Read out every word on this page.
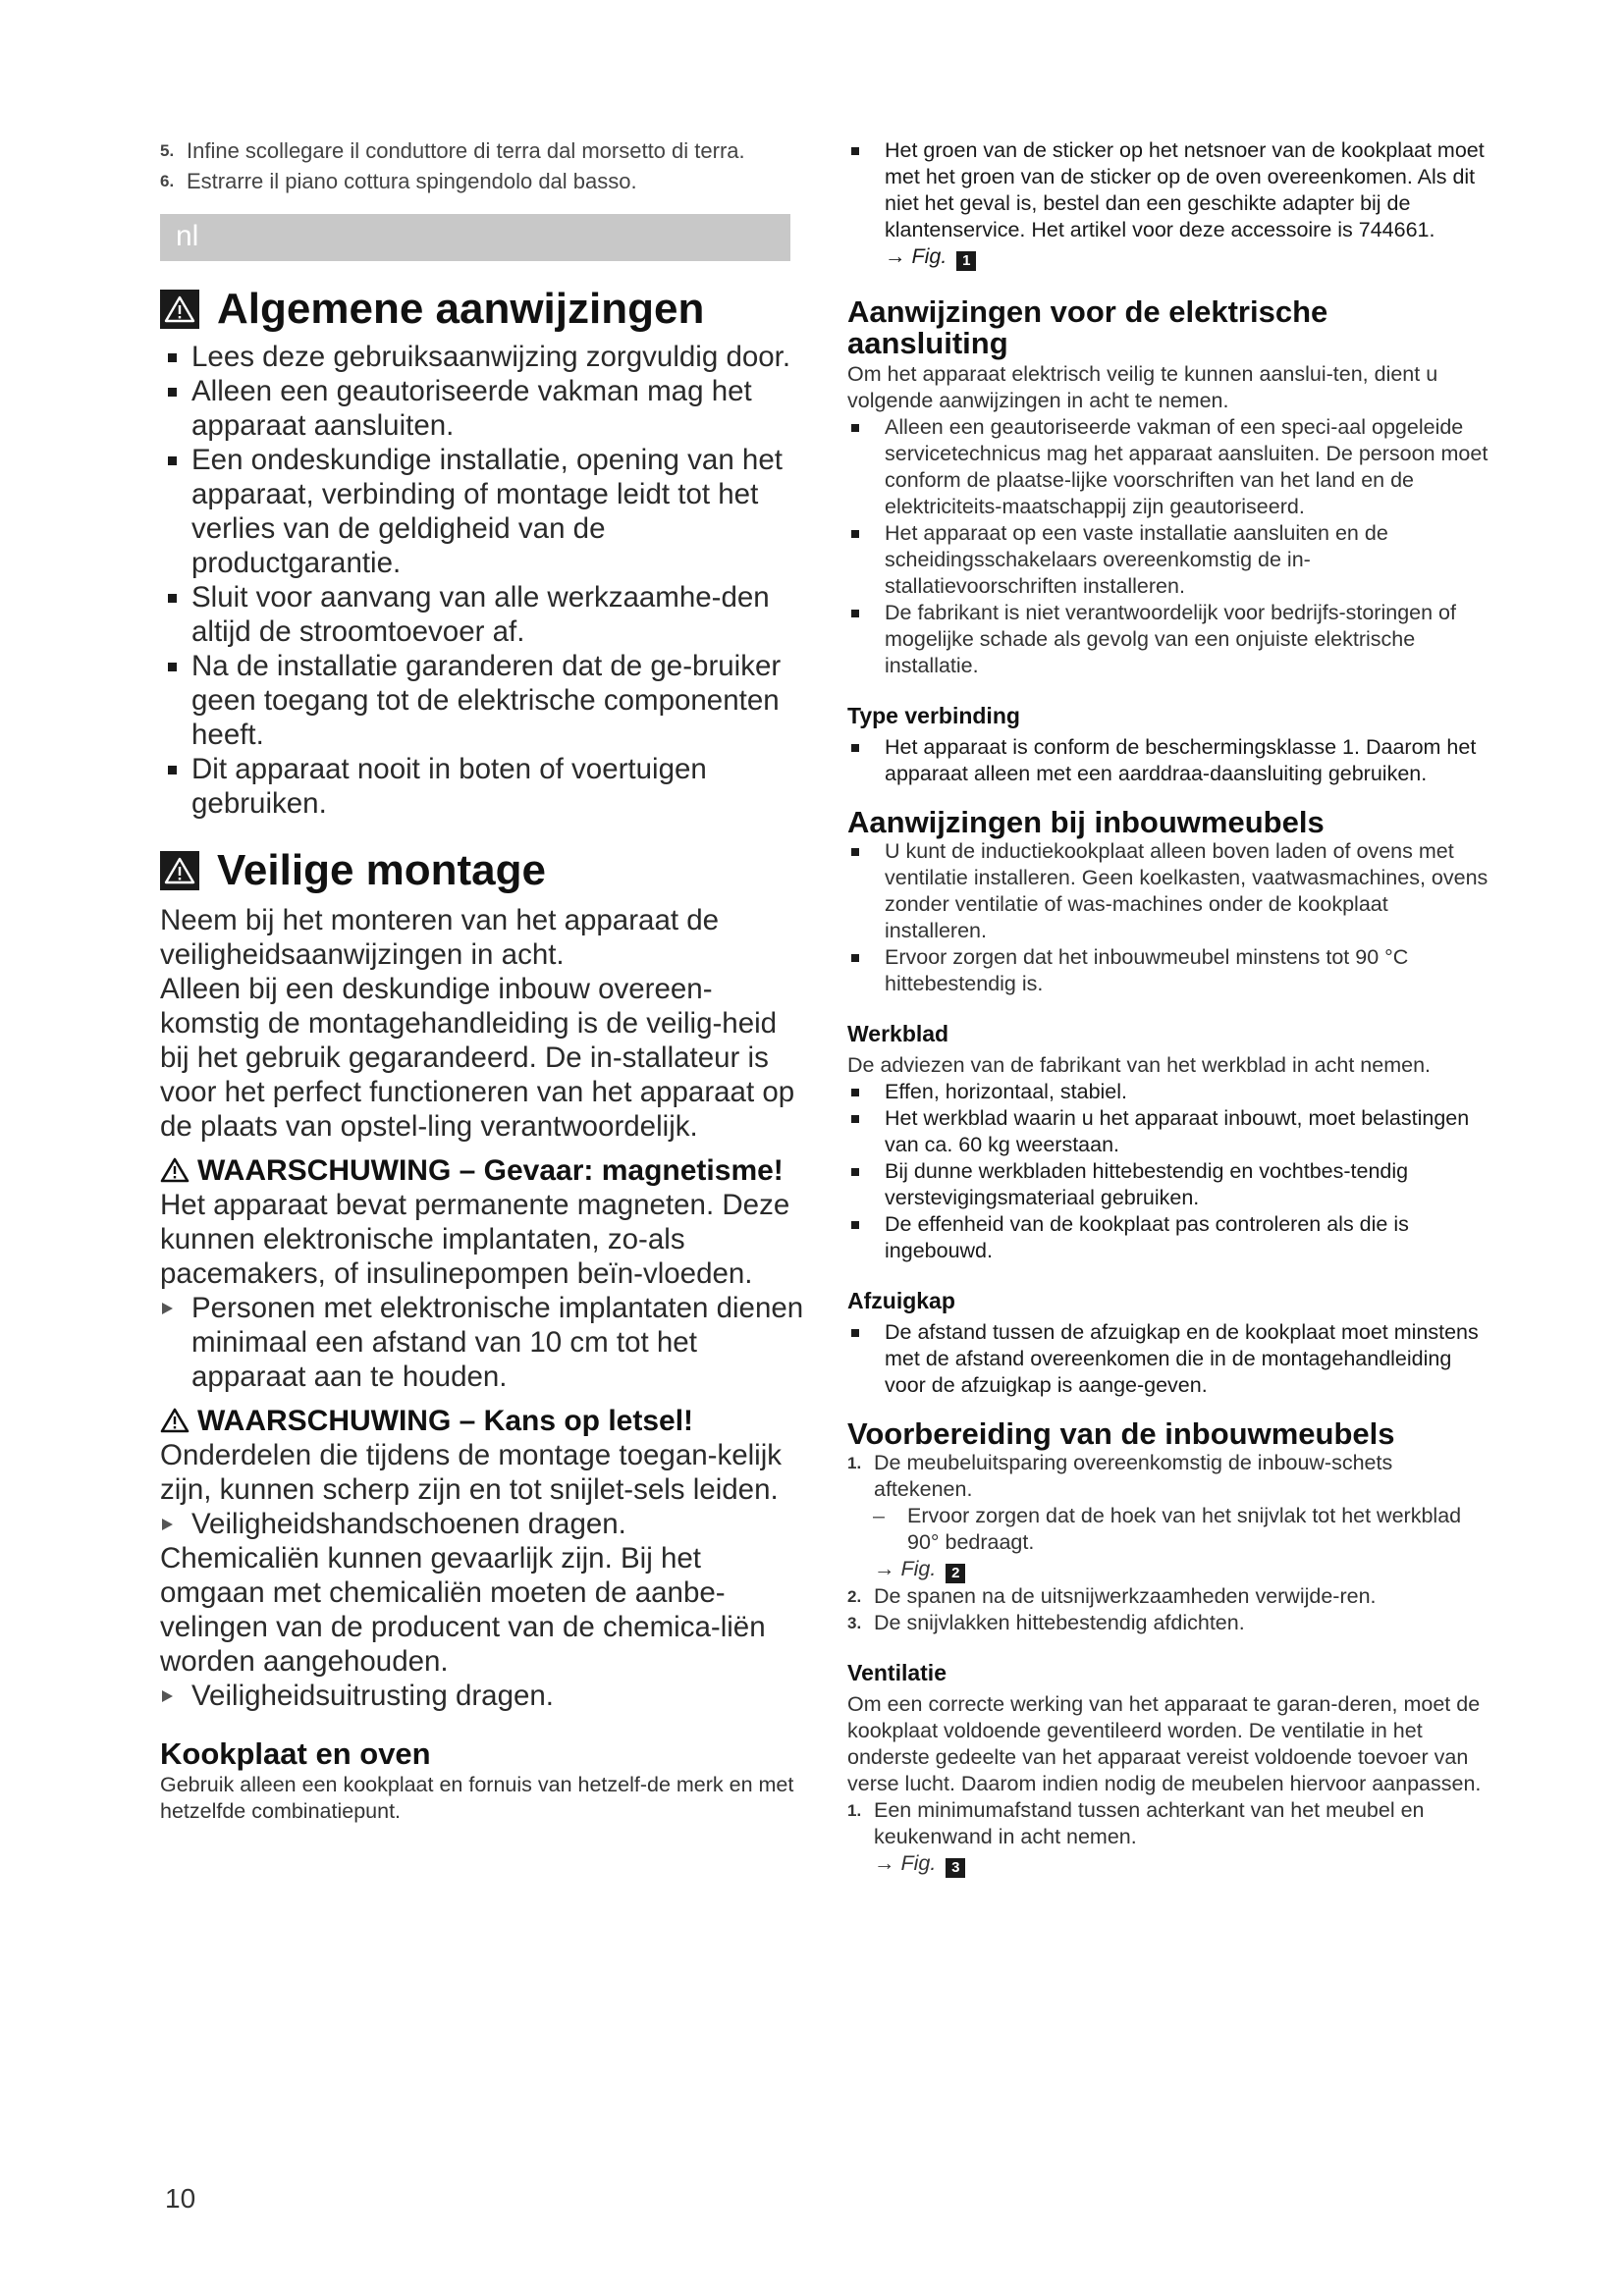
5. Infine scollegare il conduttore di terra dal morsetto di terra.

6. Estrarre il piano cottura spingendolo dal basso.

nl
Algemene aanwijzingen

Lees deze gebruiksaanwijzing zorgvuldig door.

Alleen een geautoriseerde vakman mag het apparaat aansluiten.

Een ondeskundige installatie, opening van het apparaat, verbinding of montage leidt tot het verlies van de geldigheid van de productgarantie.

Sluit voor aanvang van alle werkzaamhe-den altijd de stroomtoevoer af.

Na de installatie garanderen dat de ge-bruiker geen toegang tot de elektrische componenten heeft.

Dit apparaat nooit in boten of voertuigen gebruiken.

Veilige montage

Neem bij het monteren van het apparaat de veiligheidsaanwijzingen in acht.

Alleen bij een deskundige inbouw overeen-komstig de montagehandleiding is de veilig-heid bij het gebruik gegarandeerd. De in-stallateur is voor het perfect functioneren van het apparaat op de plaats van opstel-ling verantwoordelijk.

WAARSCHUWING – Gevaar: magnetisme!

Het apparaat bevat permanente magneten. Deze kunnen elektronische implantaten, zo-als pacemakers, of insulinepompen beïn-vloeden.

Personen met elektronische implantaten dienen minimaal een afstand van 10 cm tot het apparaat aan te houden.

WAARSCHUWING – Kans op letsel!

Onderdelen die tijdens de montage toegan-kelijk zijn, kunnen scherp zijn en tot snijlet-sels leiden.

Veiligheidshandschoenen dragen.

Chemicaliën kunnen gevaarlijk zijn. Bij het omgaan met chemicaliën moeten de aanbe-velingen van de producent van de chemica-liën worden aangehouden.

Veiligheidsuitrusting dragen.

Kookplaat en oven

Gebruik alleen een kookplaat en fornuis van hetzelf-de merk en met hetzelfde combinatiepunt.

Het groen van de sticker op het netsnoer van de kookplaat moet met het groen van de sticker op de oven overeenkomen. Als dit niet het geval is, bestel dan een geschikte adapter bij de klantenservice. Het artikel voor deze accessoire is 744661.

→ Fig. 1

Aanwijzingen voor de elektrische aansluiting

Om het apparaat elektrisch veilig te kunnen aanslui-ten, dient u volgende aanwijzingen in acht te nemen.

Alleen een geautoriseerde vakman of een speci-aal opgeleide servicetechnicus mag het apparaat aansluiten. De persoon moet conform de plaatse-lijke voorschriften van het land en de elektriciteits-maatschappij zijn geautoriseerd.

Het apparaat op een vaste installatie aansluiten en de scheidingsschakelaars overeenkomstig de in-stallatievoorschriften installeren.

De fabrikant is niet verantwoordelijk voor bedrijfs-storingen of mogelijke schade als gevolg van een onjuiste elektrische installatie.

Type verbinding

Het apparaat is conform de beschermingsklasse 1. Daarom het apparaat alleen met een aarddraa-daansluiting gebruiken.

Aanwijzingen bij inbouwmeubels

U kunt de inductiekookplaat alleen boven laden of ovens met ventilatie installeren. Geen koelkasten, vaatwasmachines, ovens zonder ventilatie of was-machines onder de kookplaat installeren.

Ervoor zorgen dat het inbouwmeubel minstens tot 90 °C hittebestendig is.

Werkblad

De adviezen van de fabrikant van het werkblad in acht nemen.

Effen, horizontaal, stabiel.

Het werkblad waarin u het apparaat inbouwt, moet belastingen van ca. 60 kg weerstaan.

Bij dunne werkbladen hittebestendig en vochtbes-tendig verstevigingsmateriaal gebruiken.

De effenheid van de kookplaat pas controleren als die is ingebouwd.

Afzuigkap

De afstand tussen de afzuigkap en de kookplaat moet minstens met de afstand overeenkomen die in de montagehandleiding voor de afzuigkap is aange-geven.

Voorbereiding van de inbouwmeubels

1. De meubeluitsparing overeenkomstig de inbouw-schets aftekenen.

– Ervoor zorgen dat de hoek van het snijvlak tot het werkblad 90° bedraagt.

→ Fig. 2

2. De spanen na de uitsnijwerkzaamheden verwijde-ren.

3. De snijvlakken hittebestendig afdichten.

Ventilatie

Om een correcte werking van het apparaat te garan-deren, moet de kookplaat voldoende geventileerd worden. De ventilatie in het onderste gedeelte van het apparaat vereist voldoende toevoer van verse lucht. Daarom indien nodig de meubelen hiervoor aanpassen.

1. Een minimumafstand tussen achterkant van het meubel en keukenwand in acht nemen.

→ Fig. 3

10
